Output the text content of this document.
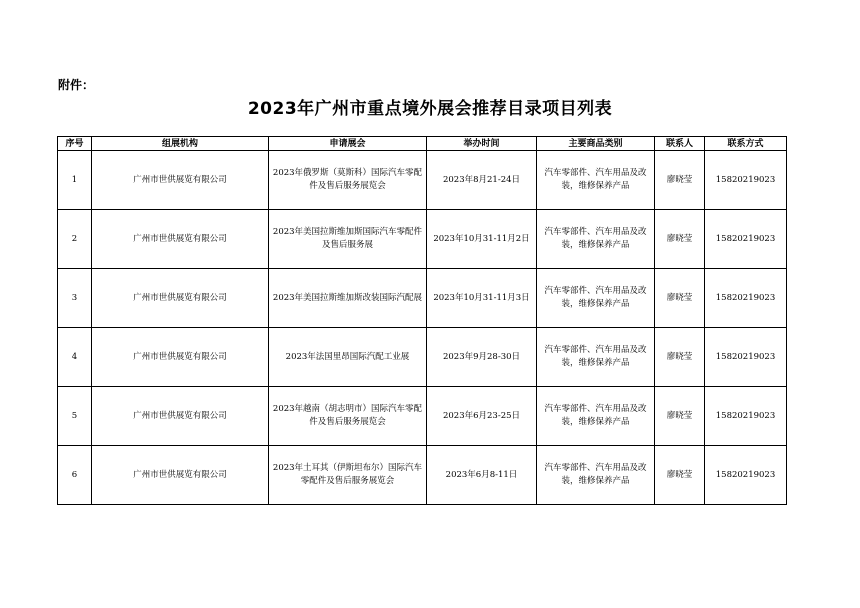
附件：
2023年广州市重点境外展会推荐目录项目列表
序号	组展机构	申请展会	举办时间	主要商品类别	联系人	联系方式
1	广州市世供展览有限公司	2023年俄罗斯（莫斯科）国际汽车零配件及售后服务展览会	2023年8月21-24日	汽车零部件、汽车用品及改装，维修保养产品	廖晓莹	15820219023
2	广州市世供展览有限公司	2023年美国拉斯维加斯国际汽车零配件及售后服务展	2023年10月31-11月2日	汽车零部件、汽车用品及改装，维修保养产品	廖晓莹	15820219023
3	广州市世供展览有限公司	2023年美国拉斯维加斯改装国际汽配展	2023年10月31-11月3日	汽车零部件、汽车用品及改装，维修保养产品	廖晓莹	15820219023
4	广州市世供展览有限公司	2023年法国里昂国际汽配工业展	2023年9月28-30日	汽车零部件、汽车用品及改装，维修保养产品	廖晓莹	15820219023
5	广州市世供展览有限公司	2023年越南（胡志明市）国际汽车零配件及售后服务展览会	2023年6月23-25日	汽车零部件、汽车用品及改装，维修保养产品	廖晓莹	15820219023
6	广州市世供展览有限公司	2023年土耳其（伊斯坦布尔）国际汽车零配件及售后服务展览会	2023年6月8-11日	汽车零部件、汽车用品及改装，维修保养产品	廖晓莹	15820219023
